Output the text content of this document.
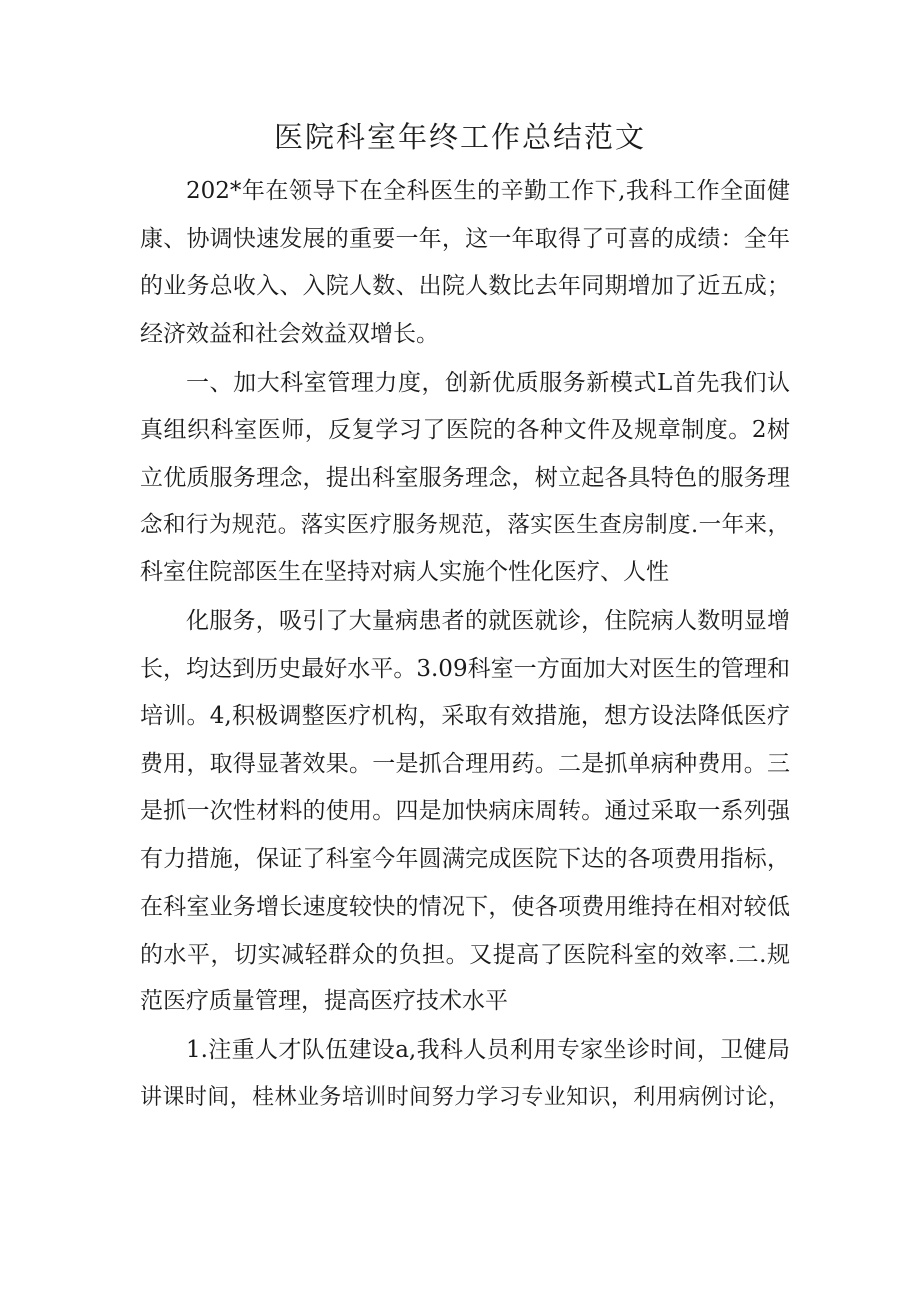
医院科室年终工作总结范文

202*年在领导下在全科医生的辛勤工作下,我科工作全面健

康、协调快速发展的重要一年，这一年取得了可喜的成绩：全年

的业务总收入、入院人数、出院人数比去年同期增加了近五成；

经济效益和社会效益双增长。

一、加大科室管理力度，创新优质服务新模式L首先我们认

真组织科室医师，反复学习了医院的各种文件及规章制度。2树

立优质服务理念，提出科室服务理念，树立起各具特色的服务理

念和行为规范。落实医疗服务规范，落实医生查房制度.一年来，

科室住院部医生在坚持对病人实施个性化医疗、人性

化服务，吸引了大量病患者的就医就诊，住院病人数明显增

长，均达到历史最好水平。3.09科室一方面加大对医生的管理和

培训。4,积极调整医疗机构，采取有效措施，想方设法降低医疗

费用，取得显著效果。一是抓合理用药。二是抓单病种费用。三

是抓一次性材料的使用。四是加快病床周转。通过采取一系列强

有力措施，保证了科室今年圆满完成医院下达的各项费用指标，

在科室业务增长速度较快的情况下，使各项费用维持在相对较低

的水平，切实减轻群众的负担。又提高了医院科室的效率.二.规

范医疗质量管理，提高医疗技术水平

1.注重人才队伍建设a,我科人员利用专家坐诊时间，卫健局

讲课时间，桂林业务培训时间努力学习专业知识，利用病例讨论，
